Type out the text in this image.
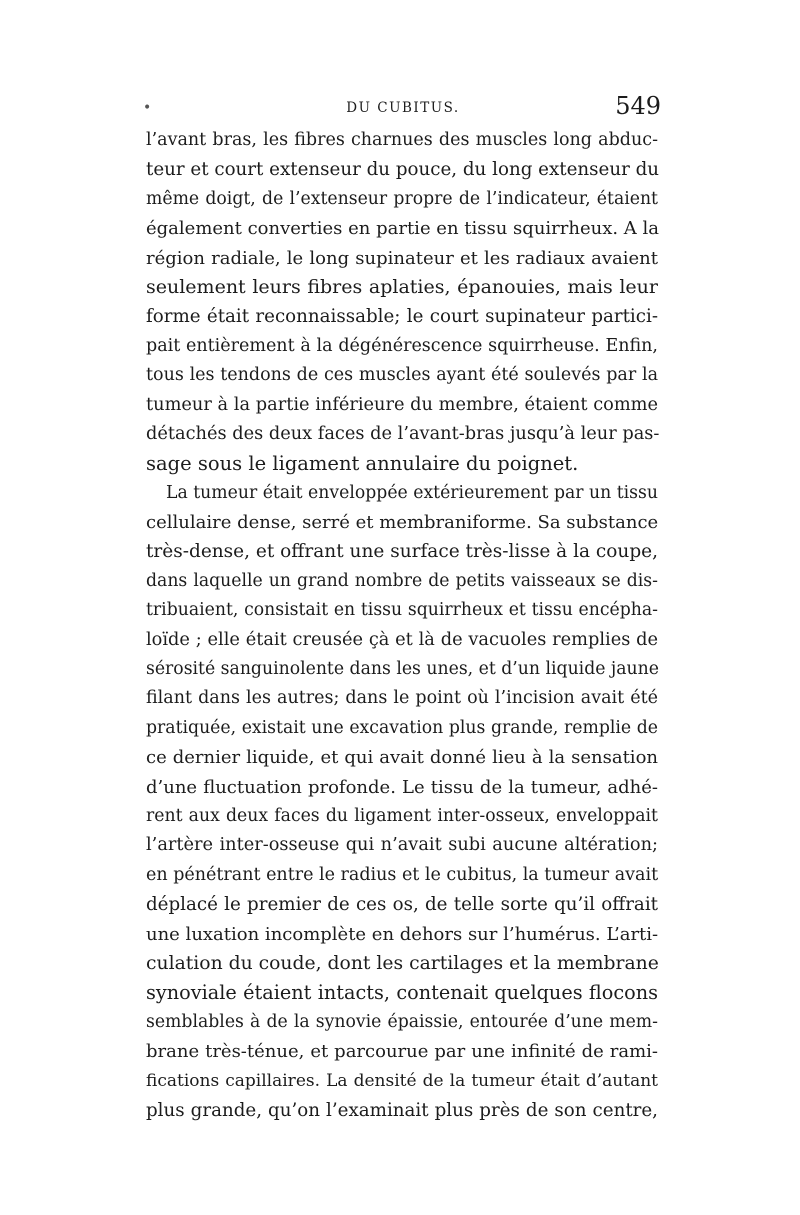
•	DU CUBITUS.	549
l’avant bras, les fibres charnues des muscles long abduc-
teur et court extenseur du pouce, du long extenseur du
même doigt, de l’extenseur propre de l’indicateur, étaient
également converties en partie en tissu squirrheux. A la
région radiale, le long supinateur et les radiaux avaient
seulement leurs fibres aplaties, épanouies, mais leur
forme était reconnaissable; le court supinateur partici-
pait entièrement à la dégénérescence squirrheuse. Enfin,
tous les tendons de ces muscles ayant été soulevés par la
tumeur à la partie inférieure du membre, étaient comme
détachés des deux faces de l’avant-bras jusqu’à leur pas-
sage sous le ligament annulaire du poignet.
La tumeur était enveloppée extérieurement par un tissu
cellulaire dense, serré et membraniforme. Sa substance
très-dense, et offrant une surface très-lisse à la coupe,
dans laquelle un grand nombre de petits vaisseaux se dis-
tribuaient, consistait en tissu squirrheux et tissu encépha-
loïde ; elle était creusée çà et là de vacuoles remplies de
sérosité sanguinolente dans les unes, et d’un liquide jaune
filant dans les autres; dans le point où l’incision avait été
pratiquée, existait une excavation plus grande, remplie de
ce dernier liquide, et qui avait donné lieu à la sensation
d’une fluctuation profonde. Le tissu de la tumeur, adhé-
rent aux deux faces du ligament inter-osseux, enveloppait
l’artère inter-osseuse qui n’avait subi aucune altération;
en pénétrant entre le radius et le cubitus, la tumeur avait
déplacé le premier de ces os, de telle sorte qu’il offrait
une luxation incomplète en dehors sur l’humérus. L’arti-
culation du coude, dont les cartilages et la membrane
synoviale étaient intacts, contenait quelques flocons
semblables à de la synovie épaissie, entourée d’une mem-
brane très-ténue, et parcourue par une infinité de rami-
fications capillaires. La densité de la tumeur était d’autant
plus grande, qu’on l’examinait plus près de son centre,
